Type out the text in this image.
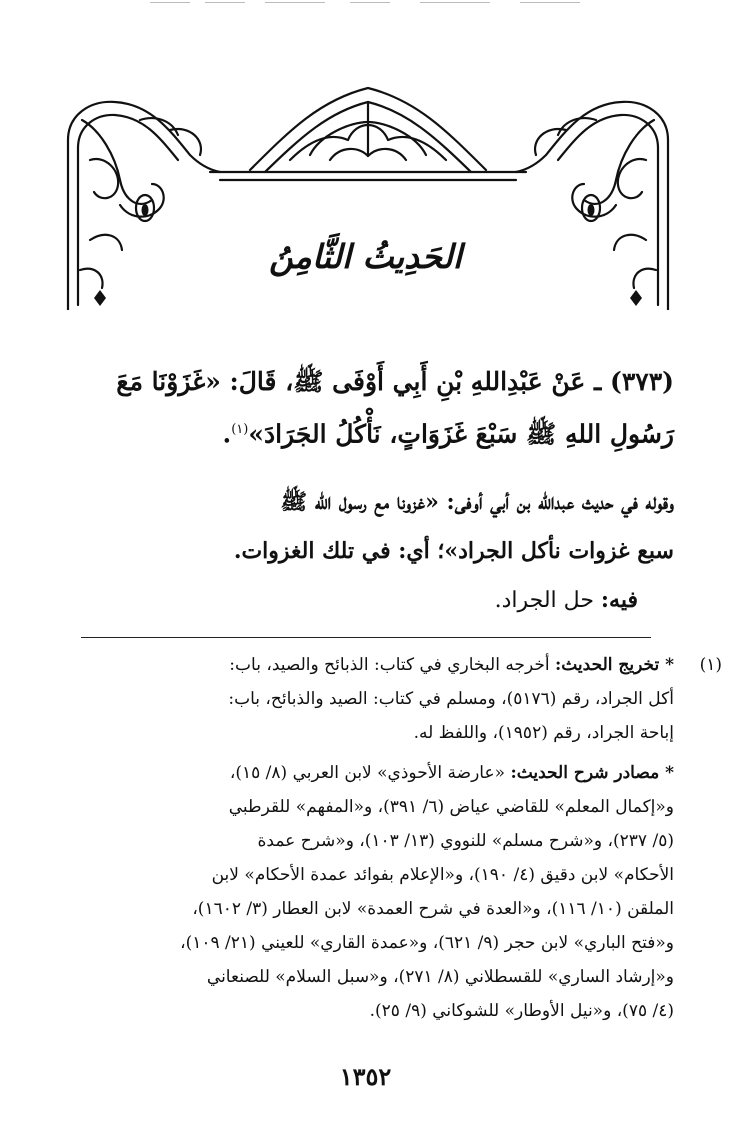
الحَدِيثُ الثَّامِنُ
(٣٧٣) ـ عَنْ عَبْدِاللهِ بْنِ أَبِي أَوْفَى ﷺ، قَالَ: «غَزَوْنَا مَعَ
رَسُولِ اللهِ ﷺ سَبْعَ غَزَوَاتٍ، نَأْكُلُ الجَرَادَ»$^{(١)}$.
وقوله في حديث عبدالله بن أبي أوفى: «غزونا مع رسول الله ﷺ
سبع غزوات نأكل الجراد»؛ أي: في تلك الغزوات.
فيه: حل الجراد.
(١)
* تخريج الحديث: أخرجه البخاري في كتاب: الذبائح والصيد، باب:
أكل الجراد، رقم (٥١٧٦)، ومسلم في كتاب: الصيد والذبائح، باب:
إباحة الجراد، رقم (١٩٥٢)، واللفظ له.
* مصادر شرح الحديث: «عارضة الأحوذي» لابن العربي (٨/ ١٥)،
و«إكمال المعلم» للقاضي عياض (٦/ ٣٩١)، و«المفهم» للقرطبي
(٥/ ٢٣٧)، و«شرح مسلم» للنووي (١٣/ ١٠٣)، و«شرح عمدة
الأحكام» لابن دقيق (٤/ ١٩٠)، و«الإعلام بفوائد عمدة الأحكام» لابن
الملقن (١٠/ ١١٦)، و«العدة في شرح العمدة» لابن العطار (٣/ ١٦٠٢)،
و«فتح الباري» لابن حجر (٩/ ٦٢١)، و«عمدة القاري» للعيني (٢١/ ١٠٩)،
و«إرشاد الساري» للقسطلاني (٨/ ٢٧١)، و«سبل السلام» للصنعاني
(٤/ ٧٥)، و«نيل الأوطار» للشوكاني (٩/ ٢٥).
١٣٥٢
